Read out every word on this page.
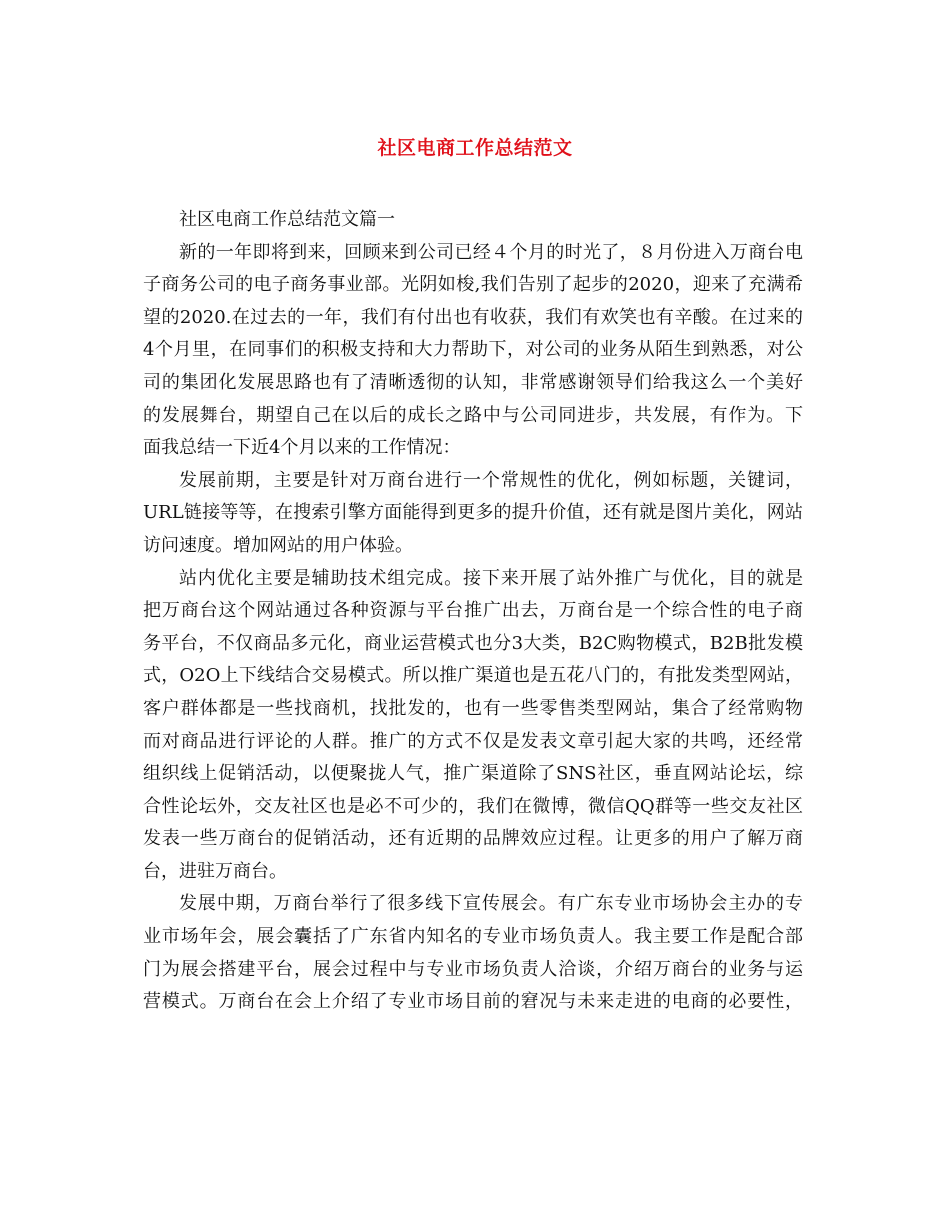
社区电商工作总结范文

社区电商工作总结范文篇一

新的一年即将到来，回顾来到公司已经４个月的时光了，８月份进入万商台电
子商务公司的电子商务事业部。光阴如梭,我们告别了起步的2020，迎来了充满希
望的2020.在过去的一年，我们有付出也有收获，我们有欢笑也有辛酸。在过来的
4个月里，在同事们的积极支持和大力帮助下，对公司的业务从陌生到熟悉，对公
司的集团化发展思路也有了清晰透彻的认知，非常感谢领导们给我这么一个美好
的发展舞台，期望自己在以后的成长之路中与公司同进步，共发展，有作为。下
面我总结一下近4个月以来的工作情况：

发展前期，主要是针对万商台进行一个常规性的优化，例如标题，关键词，
URL链接等等，在搜索引擎方面能得到更多的提升价值，还有就是图片美化，网站
访问速度。增加网站的用户体验。

站内优化主要是辅助技术组完成。接下来开展了站外推广与优化，目的就是
把万商台这个网站通过各种资源与平台推广出去，万商台是一个综合性的电子商
务平台，不仅商品多元化，商业运营模式也分3大类，B2C购物模式，B2B批发模
式，O2O上下线结合交易模式。所以推广渠道也是五花八门的，有批发类型网站，
客户群体都是一些找商机，找批发的，也有一些零售类型网站，集合了经常购物
而对商品进行评论的人群。推广的方式不仅是发表文章引起大家的共鸣，还经常
组织线上促销活动，以便聚拢人气，推广渠道除了SNS社区，垂直网站论坛，综
合性论坛外，交友社区也是必不可少的，我们在微博，微信QQ群等一些交友社区
发表一些万商台的促销活动，还有近期的品牌效应过程。让更多的用户了解万商
台，进驻万商台。

发展中期，万商台举行了很多线下宣传展会。有广东专业市场协会主办的专
业市场年会，展会囊括了广东省内知名的专业市场负责人。我主要工作是配合部
门为展会搭建平台，展会过程中与专业市场负责人洽谈，介绍万商台的业务与运
营模式。万商台在会上介绍了专业市场目前的窘况与未来走进的电商的必要性，
